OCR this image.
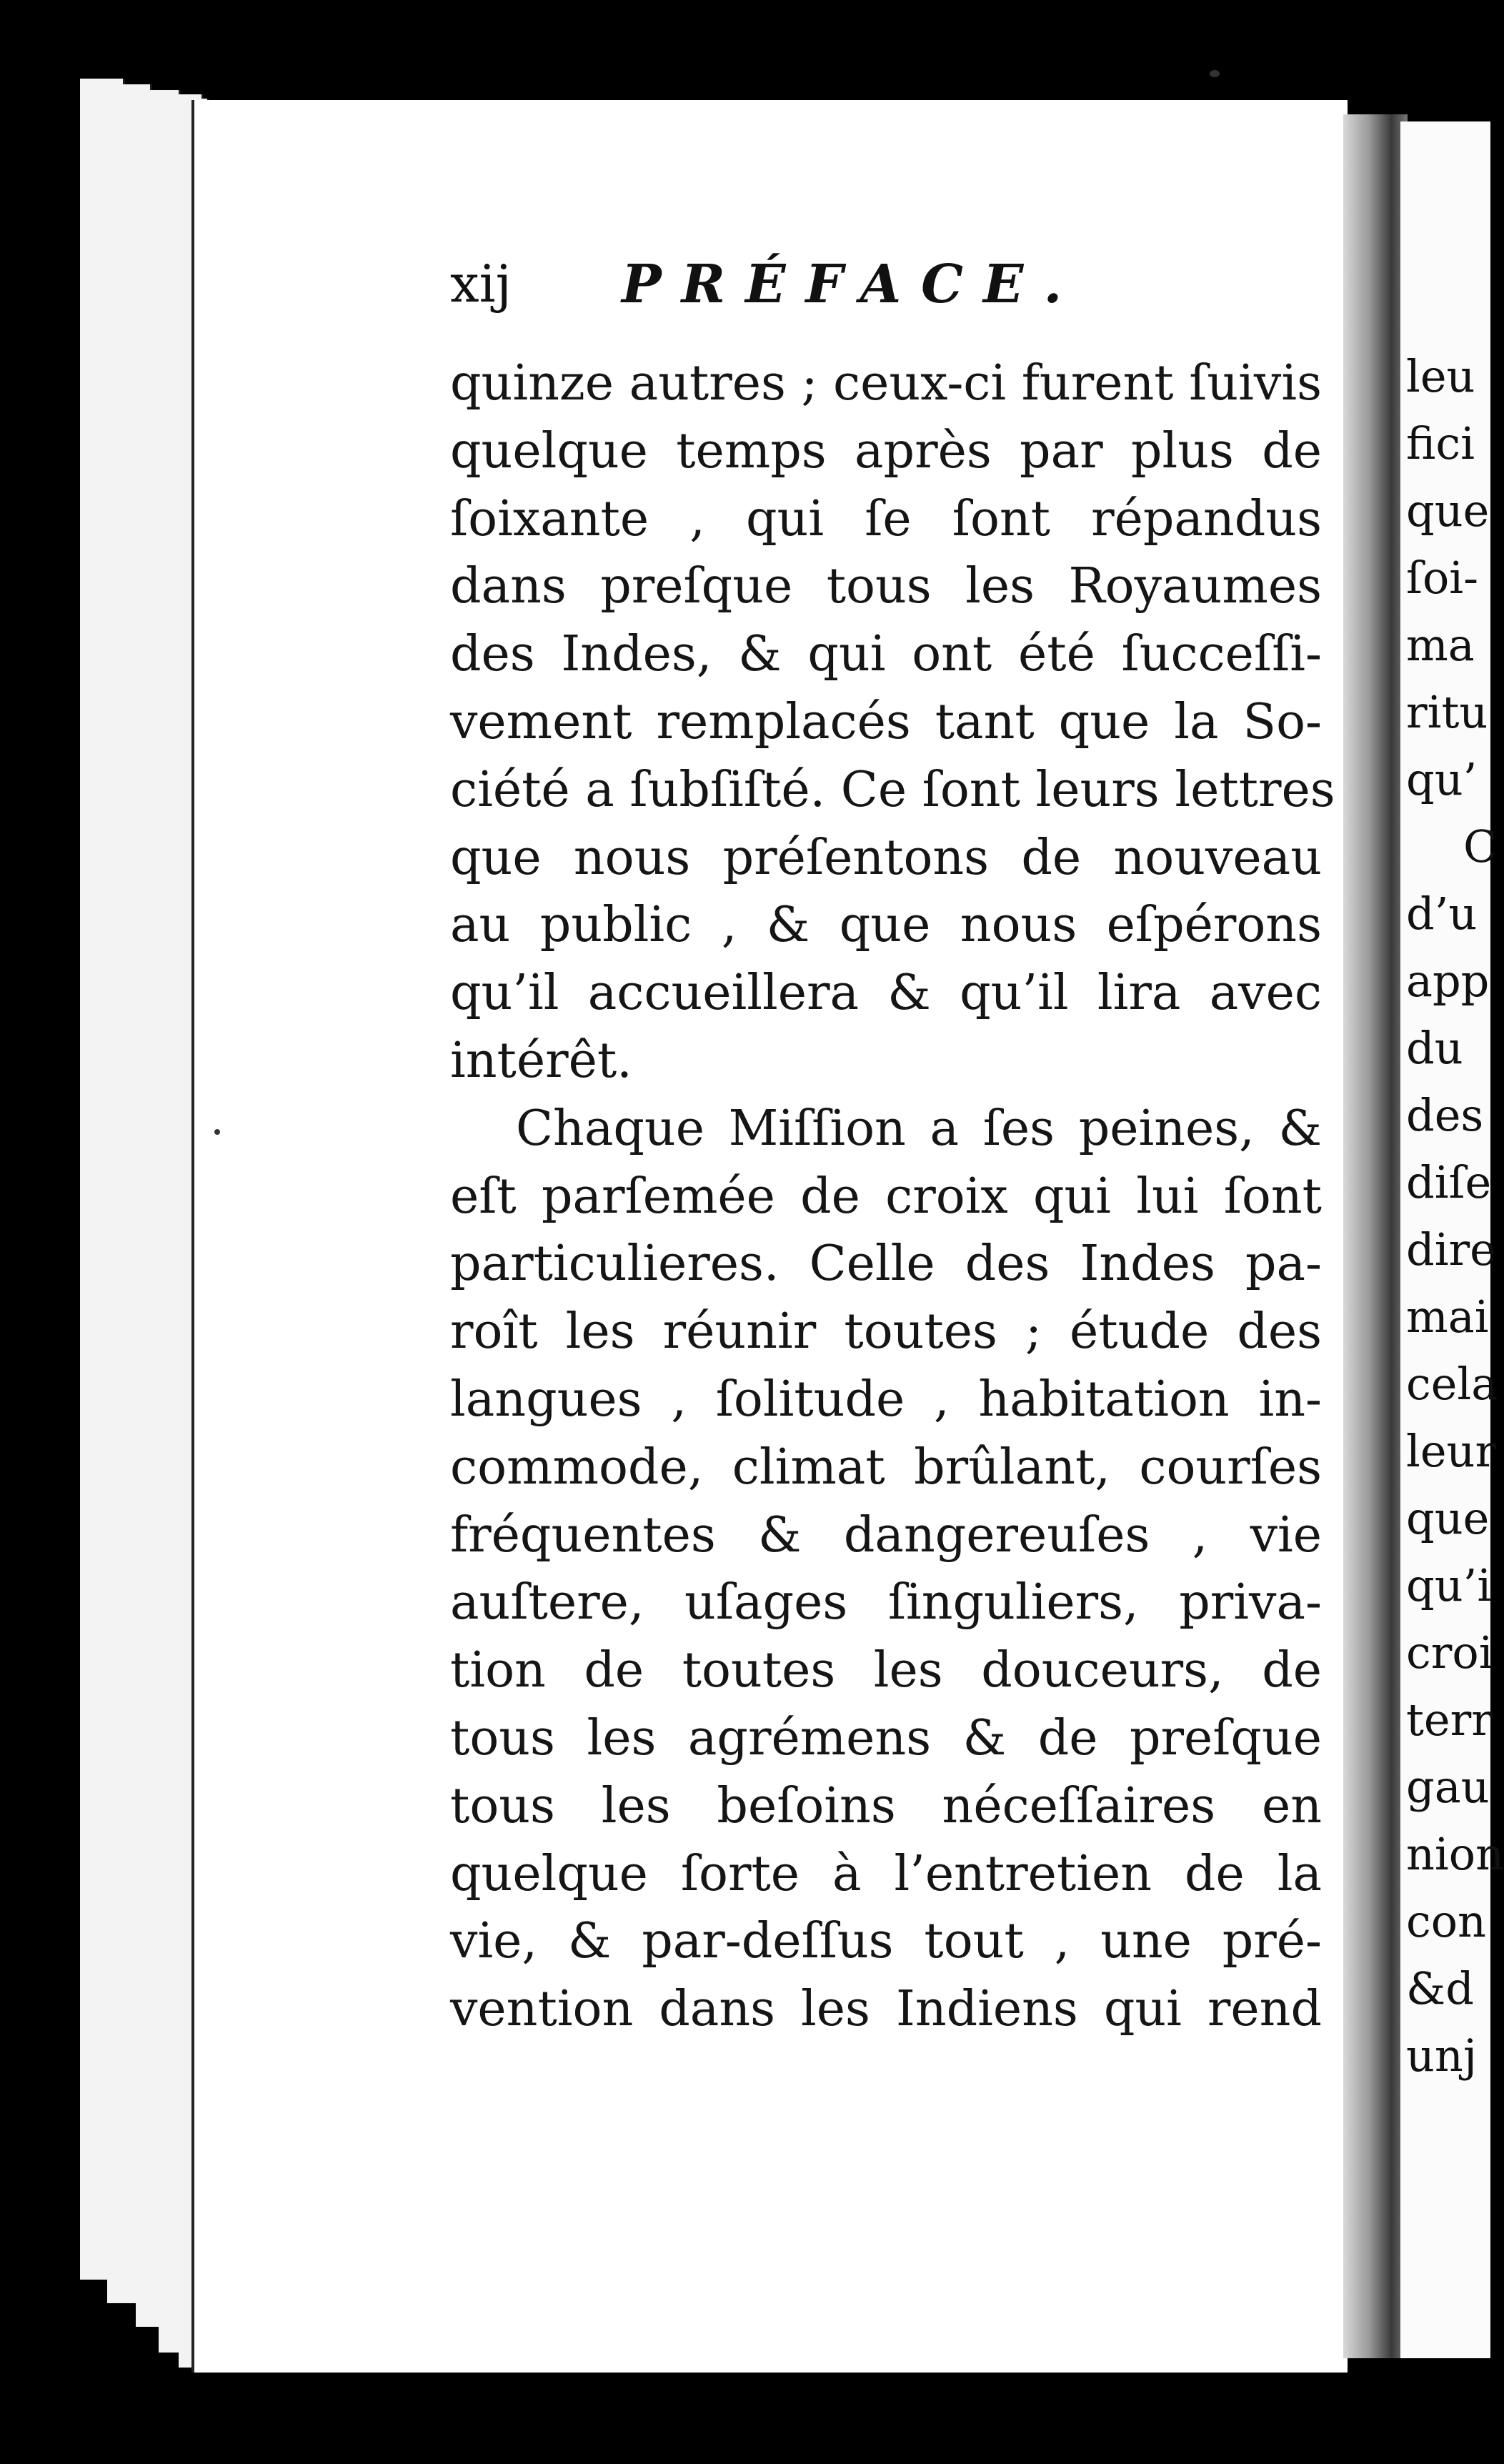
leu
fici
que
ſoi-
ma
ritu
qu’
C
d’u
app
du
des
diſe
dire
mai
cela
leur
que
qu’i
croi
terr
gau
nion
con
&d
unj
xij PRÉFACE.
quinze autres ; ceux-ci furent ſuivis
quelque temps après par plus de
ſoixante , qui ſe ſont répandus
dans preſque tous les Royaumes
des Indes, & qui ont été ſucceſſi-
vement remplacés tant que la So-
ciété a ſubſiſté. Ce ſont leurs lettres
que nous préſentons de nouveau
au public , & que nous eſpérons
qu’il accueillera & qu’il lira avec
intérêt.
Chaque Miſſion a ſes peines, &
eſt parſemée de croix qui lui ſont
particulieres. Celle des Indes pa-
roît les réunir toutes ; étude des
langues , ſolitude , habitation in-
commode, climat brûlant, courſes
fréquentes & dangereuſes , vie
auſtere, uſages ſinguliers, priva-
tion de toutes les douceurs, de
tous les agrémens & de preſque
tous les beſoins néceſſaires en
quelque ſorte à l’entretien de la
vie, & par-deſſus tout , une pré-
vention dans les Indiens qui rend
